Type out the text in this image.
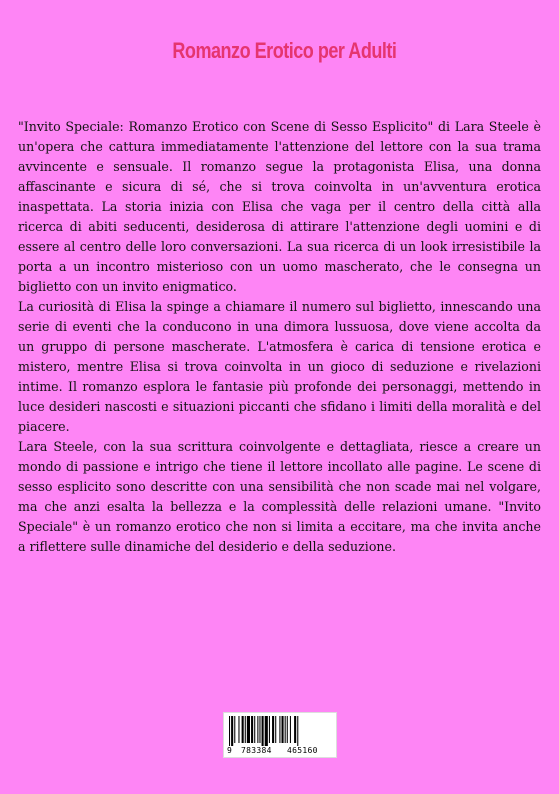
Romanzo Erotico per Adulti

"Invito Speciale: Romanzo Erotico con Scene di Sesso Esplicito" di Lara Steele è un'opera che cattura immediatamente l'attenzione del lettore con la sua trama avvincente e sensuale. Il romanzo segue la protagonista Elisa, una donna affascinante e sicura di sé, che si trova coinvolta in un'avventura erotica inaspettata. La storia inizia con Elisa che vaga per il centro della città alla ricerca di abiti seducenti, desiderosa di attirare l'attenzione degli uomini e di essere al centro delle loro conversazioni. La sua ricerca di un look irresistibile la porta a un incontro misterioso con un uomo mascherato, che le consegna un biglietto con un invito enigmatico.

La curiosità di Elisa la spinge a chiamare il numero sul biglietto, innescando una serie di eventi che la conducono in una dimora lussuosa, dove viene accolta da un gruppo di persone mascherate. L'atmosfera è carica di tensione erotica e mistero, mentre Elisa si trova coinvolta in un gioco di seduzione e rivelazioni intime. Il romanzo esplora le fantasie più profonde dei personaggi, mettendo in luce desideri nascosti e situazioni piccanti che sfidano i limiti della moralità e del piacere.

Lara Steele, con la sua scrittura coinvolgente e dettagliata, riesce a creare un mondo di passione e intrigo che tiene il lettore incollato alle pagine. Le scene di sesso esplicito sono descritte con una sensibilità che non scade mai nel volgare, ma che anzi esalta la bellezza e la complessità delle relazioni umane. "Invito Speciale" è un romanzo erotico che non si limita a eccitare, ma che invita anche a riflettere sulle dinamiche del desiderio e della seduzione.

9 783384 465160
